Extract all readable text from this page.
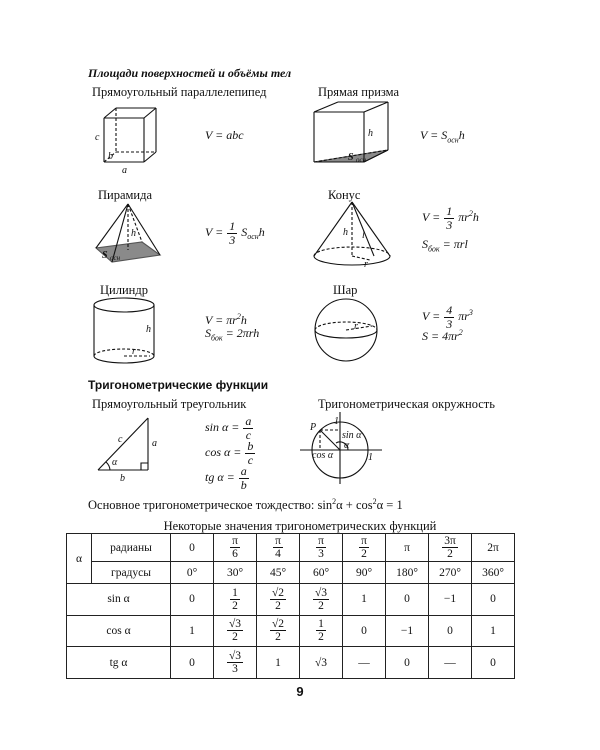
Площади поверхностей и объёмы тел
Прямоугольный параллелепипед
c
b
a
V = abc
Прямая призма
h
S осн
$V = S_{осн}h$
Пирамида
h
S осн
$V = \frac{1}{3} S_{осн}h$
Конус
h l
r
$V = \frac{1}{3} \pi r^2h$
$S_{бок} = \pi rl$
Цилиндр
h
r
$V = \pi r^2h$
$S_{бок} = 2\pi rh$
Шар
r
$V = \frac{4}{3} \pi r^3$
$S = 4\pi r^2$
Тригонометрические функции
Прямоугольный треугольник
c	a
b
α
$\sin \alpha = \frac{a}{c}$
$\cos \alpha = \frac{b}{c}$
tg $\alpha = \frac{a}{b}$
Тригонометрическая окружность
P
1
1
sin α
cos α
α
Основное тригонометрическое тождество: $\sin^2\alpha + \cos^2\alpha = 1$
Некоторые значения тригонометрических функций
α	радианы	0	$\frac{\pi}{6}$	$\frac{\pi}{4}$	$\frac{\pi}{3}$	$\frac{\pi}{2}$	π	$\frac{3\pi}{2}$	2π
	градусы	0°	30°	45°	60°	90°	180°	270°	360°
sin α		0	$\frac{1}{2}$	$\frac{√2}{2}$	$\frac{√3}{2}$	1	0	−1	0
cos α		1	$\frac{√3}{2}$	$\frac{√2}{2}$	$\frac{1}{2}$	0	−1	0	1
tg α		0	$\frac{√3}{3}$	1	√3	—	0	—	0
9
